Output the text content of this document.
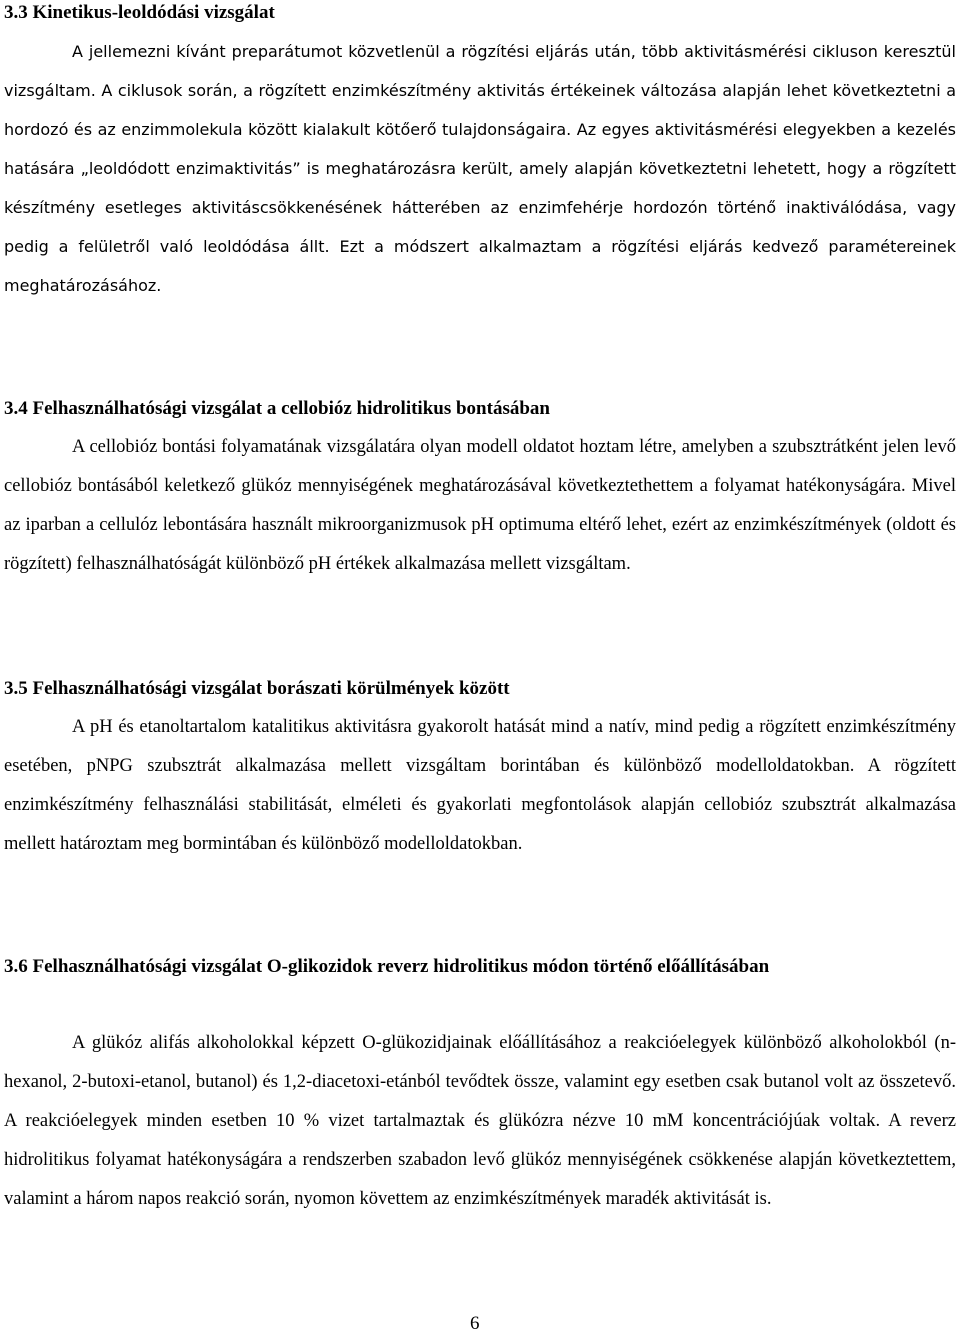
3.3 Kinetikus-leoldódási vizsgálat

A jellemezni kívánt preparátumot közvetlenül a rögzítési eljárás után, több aktivitásmérési cikluson keresztül vizsgáltam. A ciklusok során, a rögzített enzimkészítmény aktivitás értékeinek változása alapján lehet következtetni a hordozó és az enzimmolekula között kialakult kötőerő tulajdonságaira. Az egyes aktivitásmérési elegyekben a kezelés hatására „leoldódott enzimaktivitás” is meghatározásra került, amely alapján következtetni lehetett, hogy a rögzített készítmény esetleges aktivitáscsökkenésének hátterében az enzimfehérje hordozón történő inaktiválódása, vagy pedig a felületről való leoldódása állt. Ezt a módszert alkalmaztam a rögzítési eljárás kedvező paramétereinek meghatározásához.

3.4 Felhasználhatósági vizsgálat a cellobióz hidrolitikus bontásában

A cellobióz bontási folyamatának vizsgálatára olyan modell oldatot hoztam létre, amelyben a szubsztrátként jelen levő cellobióz bontásából keletkező glükóz mennyiségének meghatározásával következtethettem a folyamat hatékonyságára. Mivel az iparban a cellulóz lebontására használt mikroorganizmusok pH optimuma eltérő lehet, ezért az enzimkészítmények (oldott és rögzített) felhasználhatóságát különböző pH értékek alkalmazása mellett vizsgáltam.

3.5 Felhasználhatósági vizsgálat borászati körülmények között

A pH és etanoltartalom katalitikus aktivitásra gyakorolt hatását mind a natív, mind pedig a rögzített enzimkészítmény esetében, pNPG szubsztrát alkalmazása mellett vizsgáltam borintában és különböző modelloldatokban. A rögzített enzimkészítmény felhasználási stabilitását, elméleti és gyakorlati megfontolások alapján cellobióz szubsztrát alkalmazása mellett határoztam meg bormintában és különböző modelloldatokban.

3.6 Felhasználhatósági vizsgálat O-glikozidok reverz hidrolitikus módon történő előállításában

A glükóz alifás alkoholokkal képzett O-glükozidjainak előállításához a reakcióelegyek különböző alkoholokból (n-hexanol, 2-butoxi-etanol, butanol) és 1,2-diacetoxi-etánból tevődtek össze, valamint egy esetben csak butanol volt az összetevő. A reakcióelegyek minden esetben 10 % vizet tartalmaztak és glükózra nézve 10 mM koncentrációjúak voltak. A reverz hidrolitikus folyamat hatékonyságára a rendszerben szabadon levő glükóz mennyiségének csökkenése alapján következtettem, valamint a három napos reakció során, nyomon követtem az enzimkészítmények maradék aktivitását is.

6
